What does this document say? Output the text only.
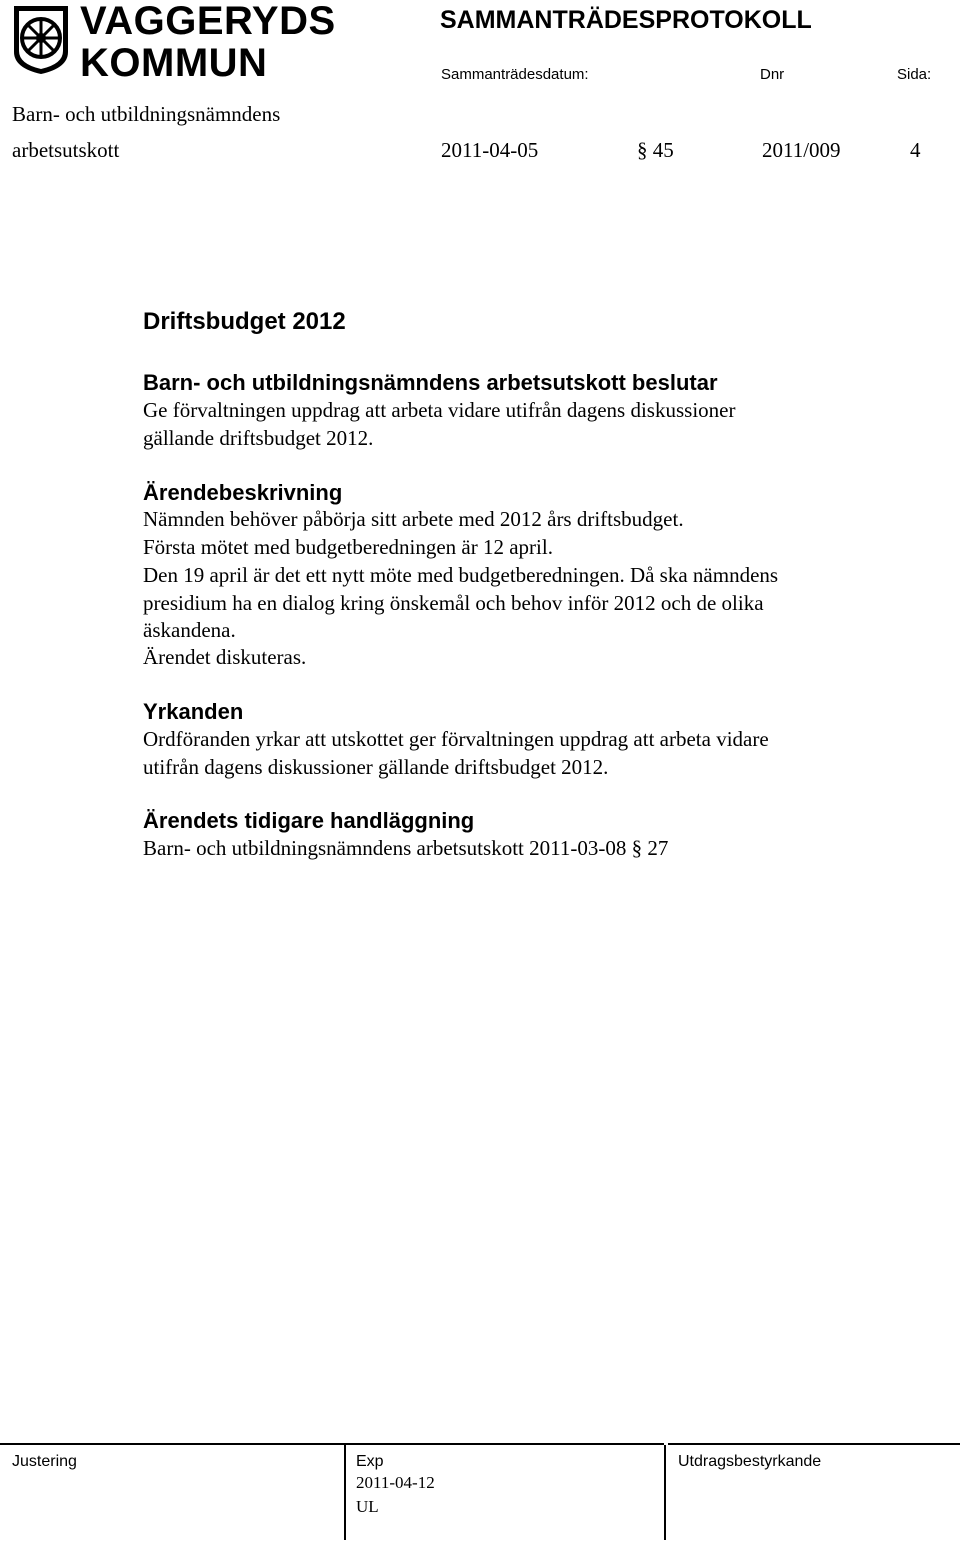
VAGGERYDS
KOMMUN
SAMMANTRÄDESPROTOKOLL
Sammanträdesdatum:	Dnr	Sida:
Barn- och utbildningsnämndens
arbetsutskott	2011-04-05	§ 45	2011/009	4
Driftsbudget 2012
Barn- och utbildningsnämndens arbetsutskott beslutar
Ge förvaltningen uppdrag att arbeta vidare utifrån dagens diskussioner
gällande driftsbudget 2012.
Ärendebeskrivning
Nämnden behöver påbörja sitt arbete med 2012 års driftsbudget.
Första mötet med budgetberedningen är 12 april.
Den 19 april är det ett nytt möte med budgetberedningen. Då ska nämndens
presidium ha en dialog kring önskemål och behov inför 2012 och de olika
äskandena.
Ärendet diskuteras.
Yrkanden
Ordföranden yrkar att utskottet ger förvaltningen uppdrag att arbeta vidare
utifrån dagens diskussioner gällande driftsbudget 2012.
Ärendets tidigare handläggning
Barn- och utbildningsnämndens arbetsutskott 2011-03-08 § 27
Justering	Exp	Utdragsbestyrkande
2011-04-12
UL
